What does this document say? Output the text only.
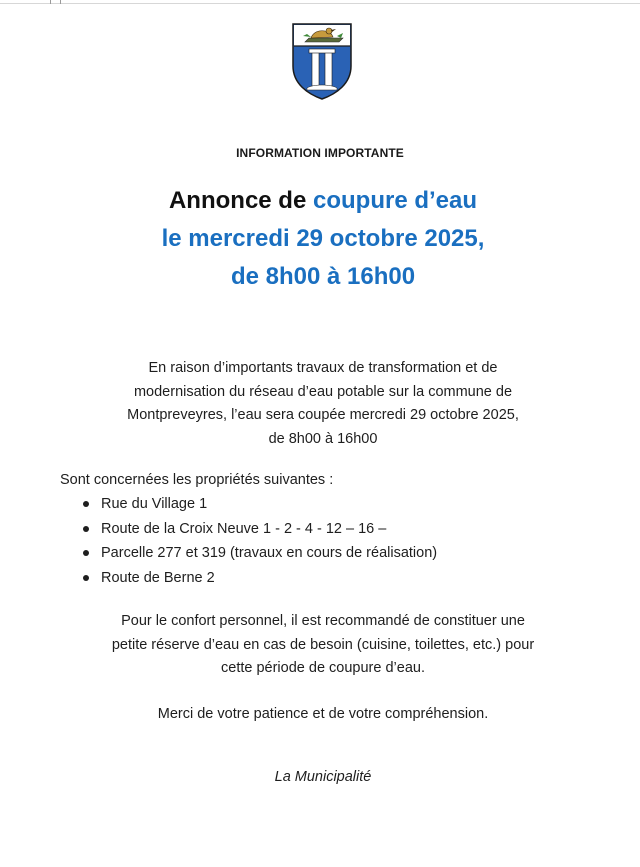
INFORMATION IMPORTANTE
Annonce de coupure d’eau
le mercredi 29 octobre 2025,
de 8h00 à 16h00
En raison d’importants travaux de transformation et de
modernisation du réseau d’eau potable sur la commune de
Montpreveyres, l’eau sera coupée mercredi 29 octobre 2025,
de 8h00 à 16h00
Sont concernées les propriétés suivantes :
Rue du Village 1
Route de la Croix Neuve 1 - 2 - 4 - 12 – 16 –
Parcelle 277 et 319 (travaux en cours de réalisation)
Route de Berne 2
Pour le confort personnel, il est recommandé de constituer une
petite réserve d’eau en cas de besoin (cuisine, toilettes, etc.) pour
cette période de coupure d’eau.
Merci de votre patience et de votre compréhension.
La Municipalité
